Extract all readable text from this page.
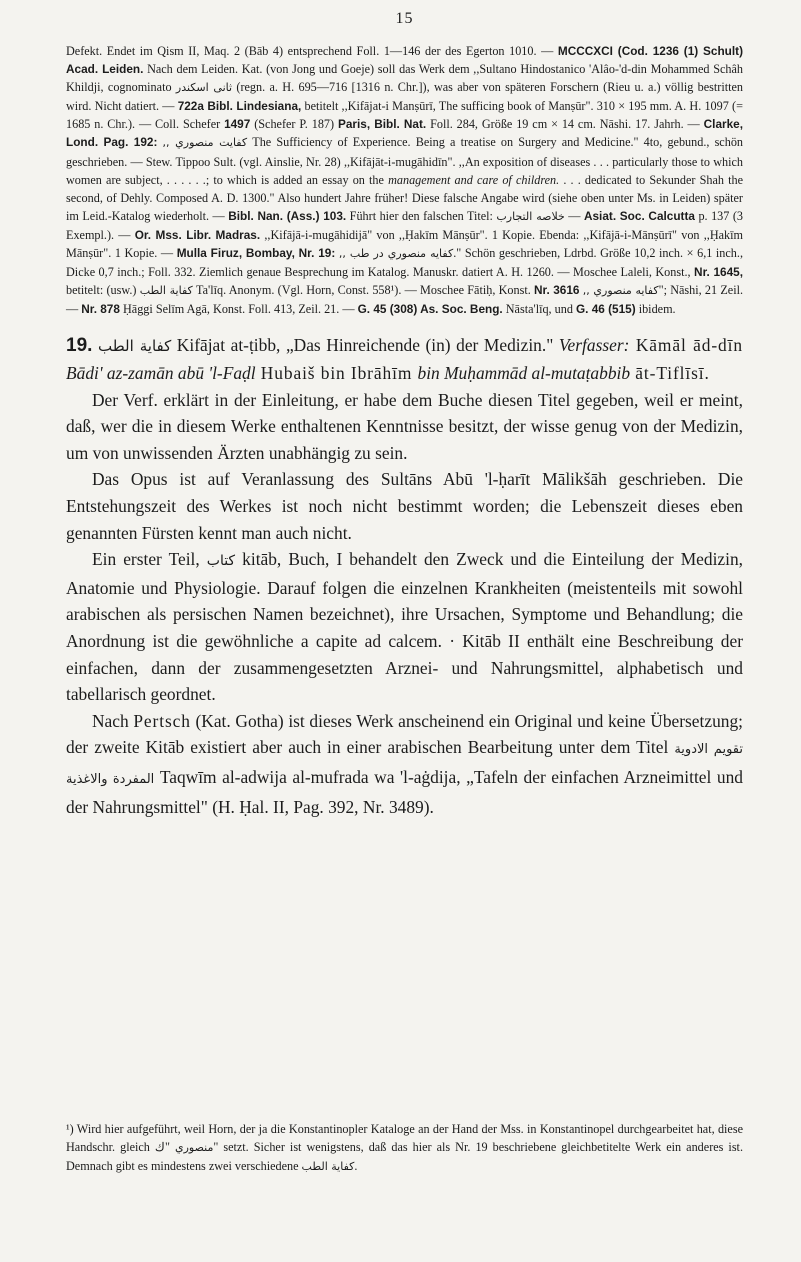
15

Defekt. Endet im Qism II, Maq. 2 (Bāb 4) entsprechend Foll. 1—146 der des Egerton 1010. — MCCCXCI (Cod. 1236 (1) Schult) Acad. Leiden. Nach dem Leiden. Kat. (von Jong und Goeje) soll das Werk dem ,,Sultano Hindostanico 'Alâo-'d-din Mohammed Schâh Khildji, cognominato ثانی اسکندر (regn. a. H. 695—716 [1316 n. Chr.]), was aber von späteren Forschern (Rieu u. a.) völlig bestritten wird. Nicht datiert. — 722a Bibl. Lindesiana, betitelt ,,Kifājat-i Manṣūrī, The sufficing book of Manṣūr". 310 × 195 mm. A. H. 1097 (= 1685 n. Chr.). — Coll. Schefer 1497 (Schefer P. 187) Paris, Bibl. Nat. Foll. 284, Größe 19 cm × 14 cm. Nāshi. 17. Jahrh. — Clarke, Lond. Pag. 192: ,, كفايت منصوري The Sufficiency of Experience. Being a treatise on Surgery and Medicine." 4to, gebund., schön geschrieben. — Stew. Tippoo Sult. (vgl. Ainslie, Nr. 28) ,,Kifājāt-i-mugāhidīn". ,,An exposition of diseases . . . particularly those to which women are subject, . . . . . .; to which is added an essay on the management and care of children. . . . dedicated to Sekunder Shah the second, of Dehly. Composed A. D. 1300." Also hundert Jahre früher! Diese falsche Angabe wird (siehe oben unter Ms. in Leiden) später im Leid.-Katalog wiederholt. — Bibl. Nan. (Ass.) 103. Führt hier den falschen Titel: خلاصه التجارب — Asiat. Soc. Calcutta p. 137 (3 Exempl.). — Or. Mss. Libr. Madras. ,,Kifājā-i-mugāhidijā" von ,,Ḥakīm Mānṣūr". 1 Kopie. Ebenda: ,,Kifājā-i-Mānṣūrī" von ,,Ḥakīm Mānṣūr". 1 Kopie. — Mulla Firuz, Bombay, Nr. 19: ,, كفايه منصوري در طب." Schön geschrieben, Ldrbd. Größe 10,2 inch. × 6,1 inch., Dicke 0,7 inch.; Foll. 332. Ziemlich genaue Besprechung im Katalog. Manuskr. datiert A. H. 1260. — Moschee Laleli, Konst., Nr. 1645, betitelt: (usw.) كفاية الطب Ta'līq. Anonym. (Vgl. Horn, Const. 558¹). — Moschee Fātiḥ, Konst. Nr. 3616 ,, كفايه منصوري"; Nāshi, 21 Zeil. — Nr. 878 Ḥāggi Selīm Agā, Konst. Foll. 413, Zeil. 21. — G. 45 (308) As. Soc. Beng. Nāsta'līq, und G. 46 (515) ibidem.

19. كفاية الطب Kifājat at-ṭibb, „Das Hinreichende (in) der Medizin." Verfasser: Kāmāl ād-dīn Bādi' az-zamān abū 'l-Faḍl Hubaiš bin Ibrāhīm bin Muḥammād al-mutaṭabbib āt-Tiflīsī.

Der Verf. erklärt in der Einleitung, er habe dem Buche diesen Titel gegeben, weil er meint, daß, wer die in diesem Werke enthaltenen Kenntnisse besitzt, der wisse genug von der Medizin, um von unwissenden Ärzten unabhängig zu sein.

Das Opus ist auf Veranlassung des Sultāns Abū 'l-ḥarīt Mālikšāh geschrieben. Die Entstehungszeit des Werkes ist noch nicht bestimmt worden; die Lebenszeit dieses eben genannten Fürsten kennt man auch nicht.

Ein erster Teil, كتاب kitāb, Buch, I behandelt den Zweck und die Einteilung der Medizin, Anatomie und Physiologie. Darauf folgen die einzelnen Krankheiten (meistenteils mit sowohl arabischen als persischen Namen bezeichnet), ihre Ursachen, Symptome und Behandlung; die Anordnung ist die gewöhnliche a capite ad calcem. · Kitāb II enthält eine Beschreibung der einfachen, dann der zusammengesetzten Arznei- und Nahrungsmittel, alphabetisch und tabellarisch geordnet.

Nach Pertsch (Kat. Gotha) ist dieses Werk anscheinend ein Original und keine Übersetzung; der zweite Kitāb existiert aber auch in einer arabischen Bearbeitung unter dem Titel تقويم الادوية المفردة والاغذية Taqwīm al-adwija al-mufrada wa 'l-aġdija, „Tafeln der einfachen Arzneimittel und der Nahrungsmittel" (H. Ḥal. II, Pag. 392, Nr. 3489).

¹) Wird hier aufgeführt, weil Horn, der ja die Konstantinopler Kataloge an der Hand der Mss. in Konstantinopel durchgearbeitet hat, diese Handschr. gleich منصوري "ك" setzt. Sicher ist wenigstens, daß das hier als Nr. 19 beschriebene gleichbetitelte Werk ein anderes ist. Demnach gibt es mindestens zwei verschiedene كفاية الطب.
